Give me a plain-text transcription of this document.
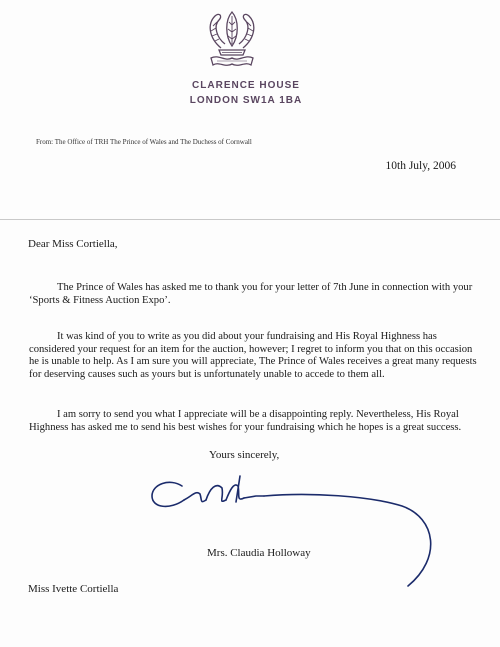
CLARENCE HOUSE
LONDON SW1A 1BA
From: The Office of TRH The Prince of Wales and The Duchess of Cornwall
10th July, 2006
Dear Miss Cortiella,

The Prince of Wales has asked me to thank you for your letter of 7th June in connection with your ‘Sports & Fitness Auction Expo’.

It was kind of you to write as you did about your fundraising and His Royal Highness has considered your request for an item for the auction, however; I regret to inform you that on this occasion he is unable to help. As I am sure you will appreciate, The Prince of Wales receives a great many requests for deserving causes such as yours but is unfortunately unable to accede to them all.

I am sorry to send you what I appreciate will be a disappointing reply. Nevertheless, His Royal Highness has asked me to send his best wishes for your fundraising which he hopes is a great success.

Yours sincerely,
Mrs. Claudia Holloway
Miss Ivette Cortiella
